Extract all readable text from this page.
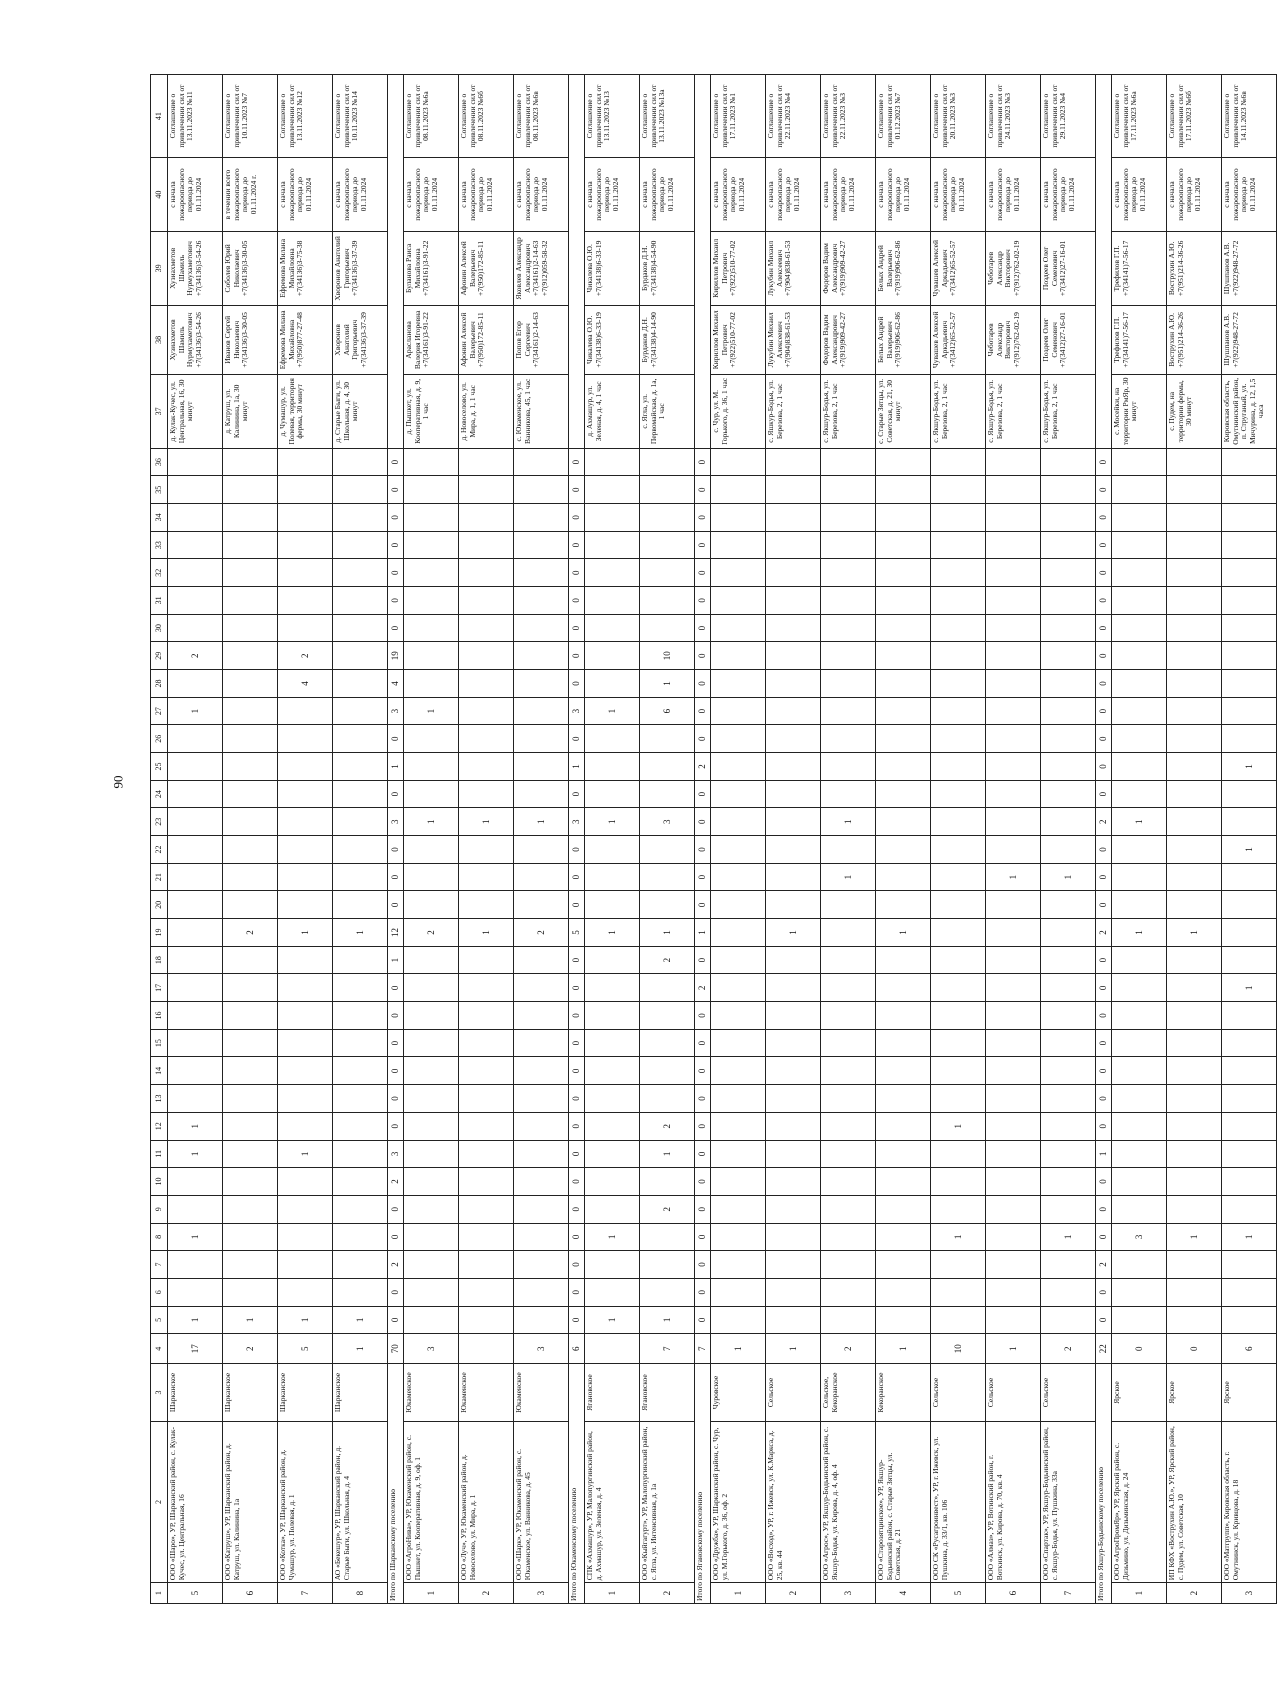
90
1	2	3	4	5	6	7	8	9	10	11	12	13	14	15	16	17	18	19	20	21	22	23	24	25	26	27	28	29	30	31	32	33	34	35	36	37	38	39	40	41
5	ООО «Шаро», УР, Шарканский район, с. Кулак-Кучес, ул. Центральная, 16	Шарканское	17	1			1			1	1															1		2								д. Кулак-Кучес, ул. Центральная, 16, 30 минут	Хузиахметов Шамиль Нурмухаметович +7(34136)3-54-26	Хузиахметов Шамиль Нурмухаметович +7(34136)3-54-26	с начала пожароопасного периода до 01.11.2024	Соглашение о привлечении сил от 13.11.2023 №11
6	ООО «Катруш», УР, Шарканский район, д. Катруш, ул. Калинина, 1а	Шарканское	2	1														2																		д. Катруш, ул. Калинина, 1а, 30 минут	Иванов Сергей Николаевич +7(34136)3-30-05	Соболев Юрий Николаевич +7(34136)3-30-05	в течении всего пожароопасного периода до 01.11.2024 г.	Соглашение о привлечении сил от 10.11.2023 №7
7	ООО «Котка», УР, Шарканский район, д. Чумашур, ул. Полевая, д. 1	Шарканское	5	1						1								1									4	2								д. Чумашур, ул. Полевая, территория фермы, 30 минут	Ефремова Милана Михайловна +7(950)877-27-48	Ефремова Милана Михайловна +7(34136)3-75-38	с начала пожароопасного периода до 01.11.2024	Соглашение о привлечении сил от 13.11.2023 №12
8	АО «Бекешур», УР, Шарканский район, д. Старые Быги, ул. Школьная, д. 4	Шарканское	1	1														1																		д. Старые Быги, ул. Школьная, д. 4, 30 минут	Хворонов Анатолий Григорьевич +7(34136)3-37-39	Хворонов Анатолий Григорьевич +7(34136)3-37-39	с начала пожароопасного периода до 01.11.2024	Соглашение о привлечении сил от 10.11.2023 №14
Итого по Шарканскому поселению			70	0	0	2	0	0	2	3	0	0	0	0	0	0	1	12	0	0	0	3	0	1	0	3	4	19	0	0	0	0	0	0	0					
1	ООО «АгроНива», УР, Юкаменский район, с. Пышкет, ул. Кооперативная, д. 9, оф. 1	Юкаменское	3															2				1				1										д. Пышкет, ул. Кооперативная, д. 9, 1 час	Арасланова Валерия Игоревна +7(34161)3-91-22	Буланова Раиса Михайловна +7(34161)3-91-22	с начала пожароопасного периода до 01.11.2024	Соглашение о привлечении сил от 08.11.2023 №6а
2	ООО «Луч», УР, Юкаменский район, д. Новоселово, ул. Мира, д. 1	Юкаменское																1				1														д. Новоселово, ул. Мира, д. 1, 1 час	Афонин Алексей Валерьевич +7(950)172-85-11	Афонин Алексей Валерьевич +7(950)172-85-11	с начала пожароопасного периода до 01.11.2024	Соглашение о привлечении сил от 08.11.2023 №6б
3	ООО «Шарк», УР, Юкаменский район, с. Юкаменское, ул. Ванникова, д. 45	Юкаменское	3															2				1														с. Юкаменское, ул. Ванникова, 45, 1 час	Попов Егор Сергеевич +7(34161)2-14-63	Яковлев Александр Александрович +7(34161)2-14-63 +7(912)059-58-32	с начала пожароопасного периода до 01.11.2024	Соглашение о привлечении сил от 08.11.2023 №6в
Итого по Юкаменскому поселению			6	0	0	0	0	0	0	0	0	0	0	0	0	0	0	5	0	0	0	3	0	1	0	3	0	0	0	0	0	0	0	0	0					
1	СПК «Ахмашур», УР, Малопургинский район, д. Ахмашур, ул. Зеленая, д. 4	Ягановское		1			1											1				1				1										д. Ахмашур, ул. Зеленая, д. 4, 1 час	Чикалева О.Ю. +7(34138)6-33-19	Чикалева О.Ю. +7(34138)6-33-19	с начала пожароопасного периода до 01.11.2024	Соглашение о привлечении сил от 13.11.2023 №13
2	ООО «Кыйгагурт», УР, Малопургинский район, с. Ягла, ул. Интенсивная, д. 1а	Ягановское	7	1				2		1	2						2	1				3				6	1	10								с. Ягла, ул. Первомайская, д. 1а, 1 час	Бурдаков Д.Н. +7(34138)4-14-90	Бурдаков Д.Н. +7(34138)4-54-90	с начала пожароопасного периода до 01.11.2024	Соглашение о привлечении сил от 13.11.2023 №13а
Итого по Ягановскому поселению			7	0	0	0	0	0	0	0	0	0	0	0	0	2	0	1	0	0	0	0	0	2	0	0	0	0	0	0	0	0	0	0	0					
1	ООО «Дружба», УР, Шарканский район, с. Чур, ул. М.Горького, д. 36, оф. 2	Чуровское	1																																	с. Чур, ул. М. Горького, д. 36, 1 час	Кириллов Михаил Петрович +7(922)510-77-02	Кириллов Михаил Петрович +7(922)510-77-02	с начала пожароопасного периода до 01.11.2024	Соглашение о привлечении сил от 17.11.2023 №1
2	ООО «Восход», УР, г. Ижевск, ул. К.Маркса, д. 25, кв. 44	Сельское	1															1																		с. Яшкур-Бодья, ул. Березова, 2, 1 час	Лукубин Михаил Алексеевич +7(904)838-61-53	Лукубин Михаил Алексеевич +7(904)838-61-53	с начала пожароопасного периода до 01.11.2024	Соглашение о привлечении сил от 22.11.2023 №4
3	ООО «Агрос», УР, Якшур-Бодьинский район, с. Якшур-Бодья, ул. Кирова, д. 4, оф. 4	Сельское, Кекоранское	2																	1		1														с. Якшур-Бодья, ул. Березова, 2, 1 час	Федоров Вадим Александрович +7(919)909-42-27	Федоров Вадим Александрович +7(919)909-42-27	с начала пожароопасного периода до 01.11.2024	Соглашение о привлечении сил от 22.11.2023 №3
4	ООО «Старозятцинское», УР, Якшур-Бодьинский район, с. Старые Зятцы, ул. Советская, д. 21	Кекоранское	1															1																		с. Старые Зятцы, ул. Советская, д. 21, 30 минут	Белых Андрей Валерьевич +7(919)906-62-86	Белых Андрей Валерьевич +7(919)906-62-86	с начала пожароопасного периода до 01.11.2024	Соглашение о привлечении сил от 01.12.2023 №7
5	ООО СК «Русагроинвест», УР, г. Ижевск, ул. Пушкина, д. 33/1, кв. 106	Сельское	10				1				1																									с. Якшур-Бодья, ул. Березова, 2, 1 час	Чувашев Алексей Аркадьевич +7(3412)65-52-57	Чувашев Алексей Аркадьевич +7(3412)65-52-57	с начала пожароопасного периода до 01.11.2024	Соглашение о привлечении сил от 20.11.2023 №3
6	ООО «Алмаз», УР, Вотинский район, г. Воткинск, ул. Кирова, д. 70, кв. 4	Сельское	1																	1																с. Якшур-Бодья, ул. Березова, 2, 1 час	Чеботарев Александр Викторович +7(912)762-02-19	Чеботарев Александр Викторович +7(912)762-02-19	с начала пожароопасного периода до 01.11.2024	Соглашение о привлечении сил от 24.11.2023 №3
7	ООО «Спартак», УР, Якшур-Бодьинский район, с. Якшур-Бодья, ул. Пушкина, 33а	Сельское	2				1													1																с. Якшур-Бодья, ул. Березова, 2, 1 час	Поздеев Олег Семенович +7(3412)27-16-01	Поздеев Олег Семенович +7(3412)27-16-01	с начала пожароопасного периода до 01.11.2024	Соглашение о привлечении сил от 29.11.2023 №4
Итого по Якшур-Бодьинскому поселению			22	0	0	2	0	0	0	1	0	0	0	0	0	0	0	2	0	0	0	2	0	0	0	0	0	0	0	0	0	0	0	0	0					
1	ООО «АгроПромЯр», УР, Ярский район, с. Дизьмино, ул. Дизьминская, д. 24	Ярское	0				3											1				1														с. Мосейки, на территории РмЯр, 30 минут	Трефилов Г.П. +7(34141)7-56-17	Трефилов Г.П. +7(34141)7-56-17	с начала пожароопасного периода до 01.11.2024	Соглашение о привлечении сил от 17.11.2023 №6а
2	ИП КФХ «Вострухин А.Ю.», УР, Ярский район, с. Пудем, ул. Советская, 10	Ярское	0				1											1																		с. Пудем, на территории фермы, 30 минут	Вострухин А.Ю. +7(951)214-36-26	Вострухин А.Ю. +7(951)214-36-26	с начала пожароопасного периода до 01.11.2024	Соглашение о привлечении сил от 17.11.2023 №6б
3	ООО «Матгрупп», Кировская область, г. Омутнинск, ул. Кривцова, д. 18	Ярское	6				1									1					1			1												Кировская область, Омутнинский район, п. Струганый, ул. Мичурина, д. 12, 1,5 часа	Шушпанов А.В. +7(922)948-27-72	Шушпанов А.В. +7(922)948-27-72	с начала пожароопасного периода до 01.11.2024	Соглашение о привлечении сил от 14.11.2023 №6в
